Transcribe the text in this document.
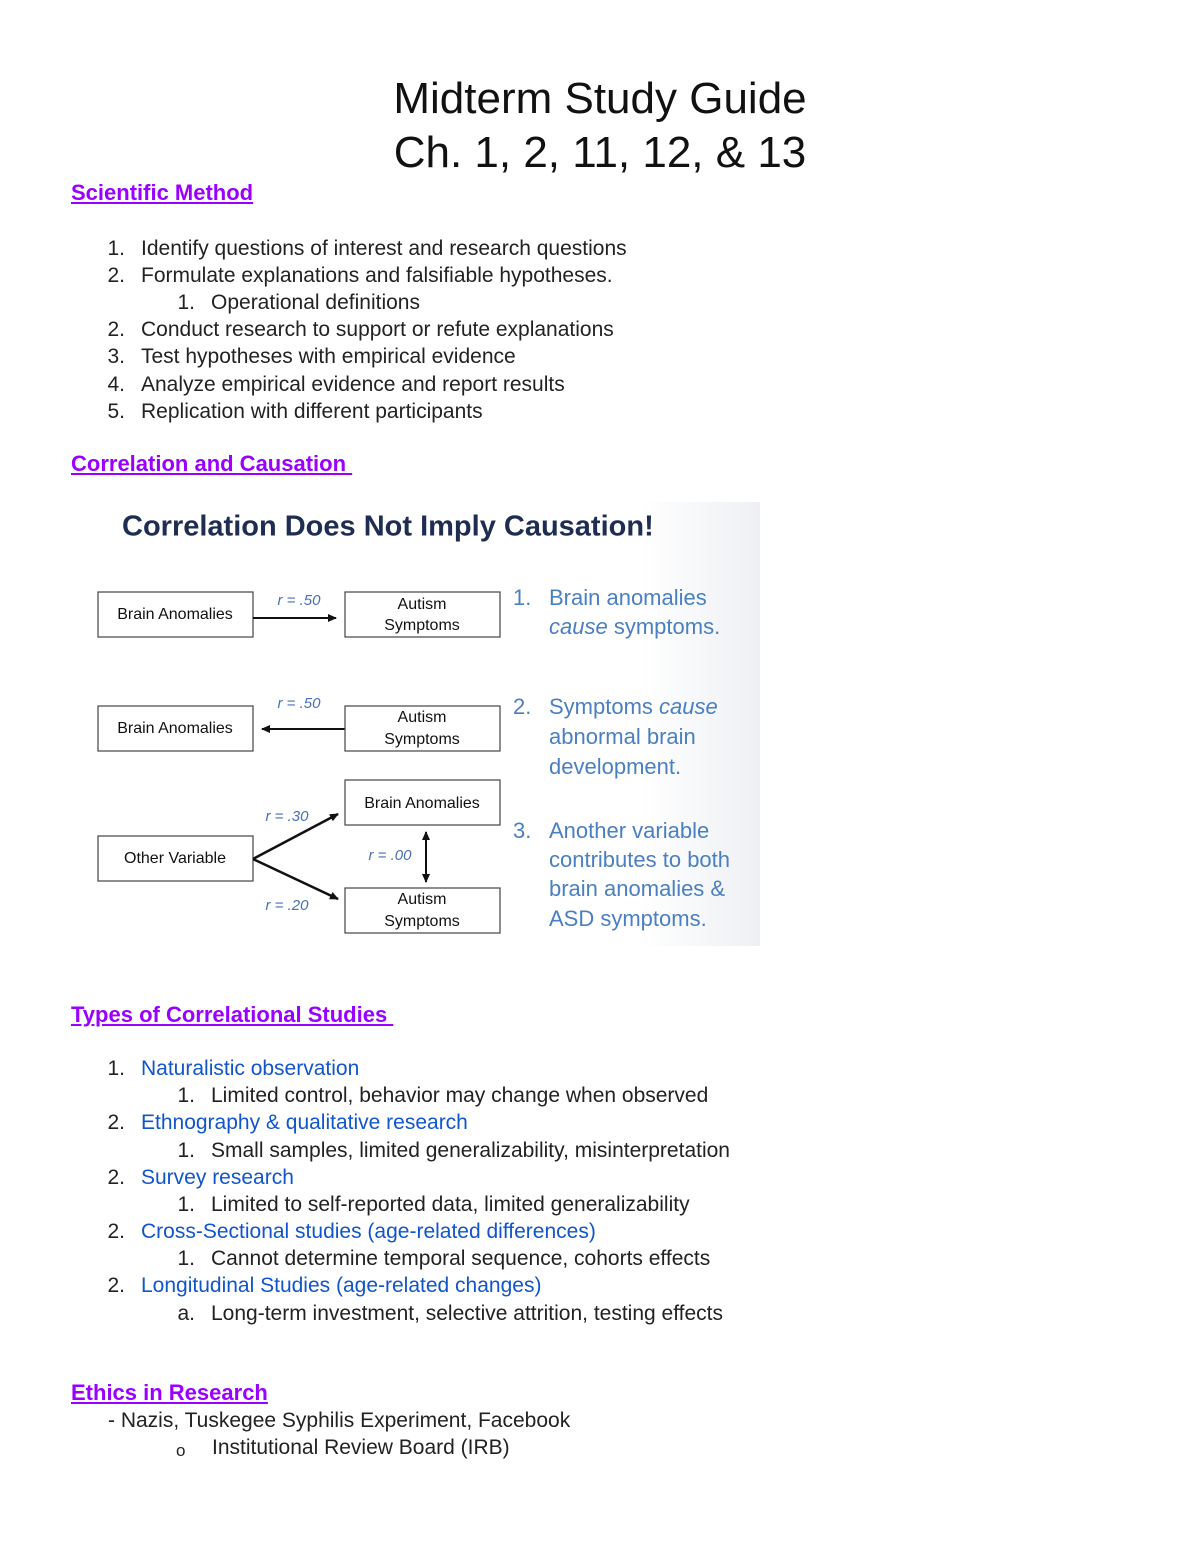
Midterm Study Guide
Ch. 1, 2, 11, 12, & 13
Scientific Method
1. Identify questions of interest and research questions
2. Formulate explanations and falsifiable hypotheses.
1. Operational definitions
2. Conduct research to support or refute explanations
3. Test hypotheses with empirical evidence
4. Analyze empirical evidence and report results
5. Replication with different participants
Correlation and Causation
Correlation Does Not Imply Causation!
Brain Anomalies
r = .50	Autism
Symptoms
Brain Anomalies
r = .50
Autism
Symptoms
Other Variable
Brain Anomalies
Autism
Symptoms
r = .30
r = .00
r = .20
1. Brain anomalies
cause symptoms.
2. Symptoms cause
abnormal brain
development.
3. Another variable
contributes to both
brain anomalies &
ASD symptoms.
Types of Correlational Studies
1. Naturalistic observation
1. Limited control, behavior may change when observed
2. Ethnography & qualitative research
1. Small samples, limited generalizability, misinterpretation
2. Survey research
1. Limited to self-reported data, limited generalizability
2. Cross-Sectional studies (age-related differences)
1. Cannot determine temporal sequence, cohorts effects
2. Longitudinal Studies (age-related changes)
a. Long-term investment, selective attrition, testing effects
Ethics in Research
- Nazis, Tuskegee Syphilis Experiment, Facebook
o Institutional Review Board (IRB)
